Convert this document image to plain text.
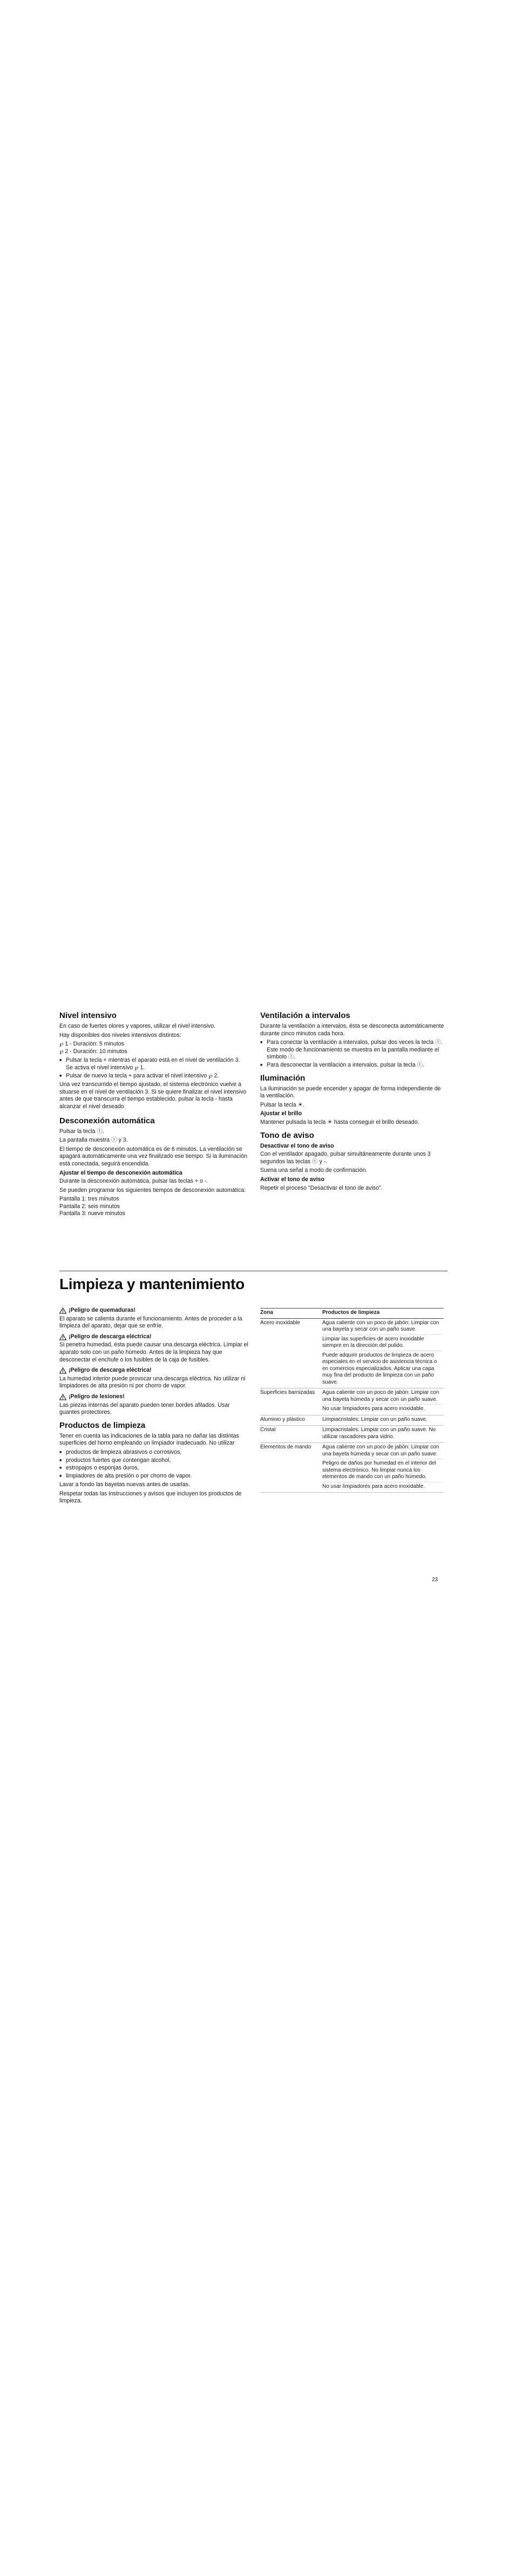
Nivel intensivo

En caso de fuertes olores y vapores, utilizar el nivel intensivo.

Hay disponibles dos niveles intensivos distintos:

℘ 1 - Duración: 5 minutos

℘ 2 - Duración: 10 minutos

■ Pulsar la tecla + mientras el aparato está en el nivel de ventilación 3.
Se activa el nivel intensivo ℘ 1.
■ Pulsar de nuevo la tecla + para activar el nivel intensivo ℘ 2.

Una vez transcurrido el tiempo ajustado, el sistema electrónico vuelve a situarse en el nivel de ventilación 3. Si se quiere finalizar el nivel intensivo antes de que transcurra el tiempo establecido, pulsar la tecla - hasta alcanzar el nivel deseado.

Desconexión automática

Pulsar la tecla ⓣ.

La pantalla muestra ⓣ y 3.

El tiempo de desconexión automática es de 6 minutos. La ventilación se apagará automáticamente una vez finalizado ese tiempo. Si la iluminación está conectada, seguirá encendida.

Ajustar el tiempo de desconexión automática

Durante la desconexión automática, pulsar las teclas + o -.

Se pueden programar los siguientes tiempos de desconexión automática:

Pantalla 1: tres minutos

Pantalla 2: seis minutos

Pantalla 3: nueve minutos

Ventilación a intervalos

Durante la ventilación a intervalos, ésta se desconecta automáticamente durante cinco minutos cada hora.

■ Para conectar la ventilación a intervalos, pulsar dos veces la tecla ⓣ.
Este modo de funcionamiento se muestra en la pantalla mediante el símbolo ⓣ.
■ Para desconectar la ventilación a intervalos, pulsar la tecla ⓣ.
Iluminación

La iluminación se puede encender y apagar de forma independiente de la ventilación.

Pulsar la tecla ☀.

Ajustar el brillo

Mantener pulsada la tecla ☀ hasta conseguir el brillo deseado.

Tono de aviso
Desactivar el tono de aviso

Con el ventilador apagado, pulsar simultáneamente durante unos 3 segundos las teclas ⓣ y -.

Suena una señal a modo de confirmación.

Activar el tono de aviso

Repetir el proceso "Desactivar el tono de aviso".

Limpieza y mantenimiento
¡Peligro de quemaduras!

El aparato se calienta durante el funcionamiento. Antes de proceder a la limpieza del aparato, dejar que se enfríe.

¡Peligro de descarga eléctrica!

Si penetra humedad, ésta puede causar una descarga eléctrica. Limpiar el aparato solo con un paño húmedo. Antes de la limpieza hay que desconectar el enchufe o los fusibles de la caja de fusibles.

¡Peligro de descarga eléctrica!

La humedad interior puede provocar una descarga eléctrica. No utilizar ni limpiadores de alta presión ni por chorro de vapor.

¡Peligro de lesiones!

Las piezas internas del aparato pueden tener bordes afilados. Usar guantes protectores.

Productos de limpieza

Tener en cuenta las indicaciones de la tabla para no dañar las distintas superficies del horno empleando un limpiador inadecuado. No utilizar

■ productos de limpieza abrasivos o corrosivos,
■ productos fuertes que contengan alcohol,
■ estropajos o esponjas duros,
■ limpiadores de alta presión o por chorro de vapor.

Lavar a fondo las bayetas nuevas antes de usarlas.

Respetar todas las instrucciones y avisos que incluyen los productos de limpieza.

Zona	Productos de limpieza
Acero inoxidable	Agua caliente con un poco de jabón: Limpiar con una bayeta y secar con un paño suave.
Limpiar las superficies de acero inoxidable siempre en la dirección del pulido.
Puede adquirir productos de limpieza de acero especiales en el servicio de asistencia técnica o en comercios especializados. Aplicar una capa muy fina del producto de limpieza con un paño suave.

Superficies barnizadas	Agua caliente con un poco de jabón: Limpiar con una bayeta húmeda y secar con un paño suave.
No usar limpiadores para acero inoxidable.

Aluminio y plástico	Limpiacristales: Limpiar con un paño suave.

Cristal	Limpiacristales: Limpiar con un paño suave. No utilizar rascadores para vidrio.

Elementos de mando	Agua caliente con un poco de jabón: Limpiar con una bayeta húmeda y secar con un paño suave.
Peligro de daños por humedad en el interior del sistema electrónico. No limpiar nunca los elementos de mando con un paño húmedo.
No usar limpiadores para acero inoxidable.
23
